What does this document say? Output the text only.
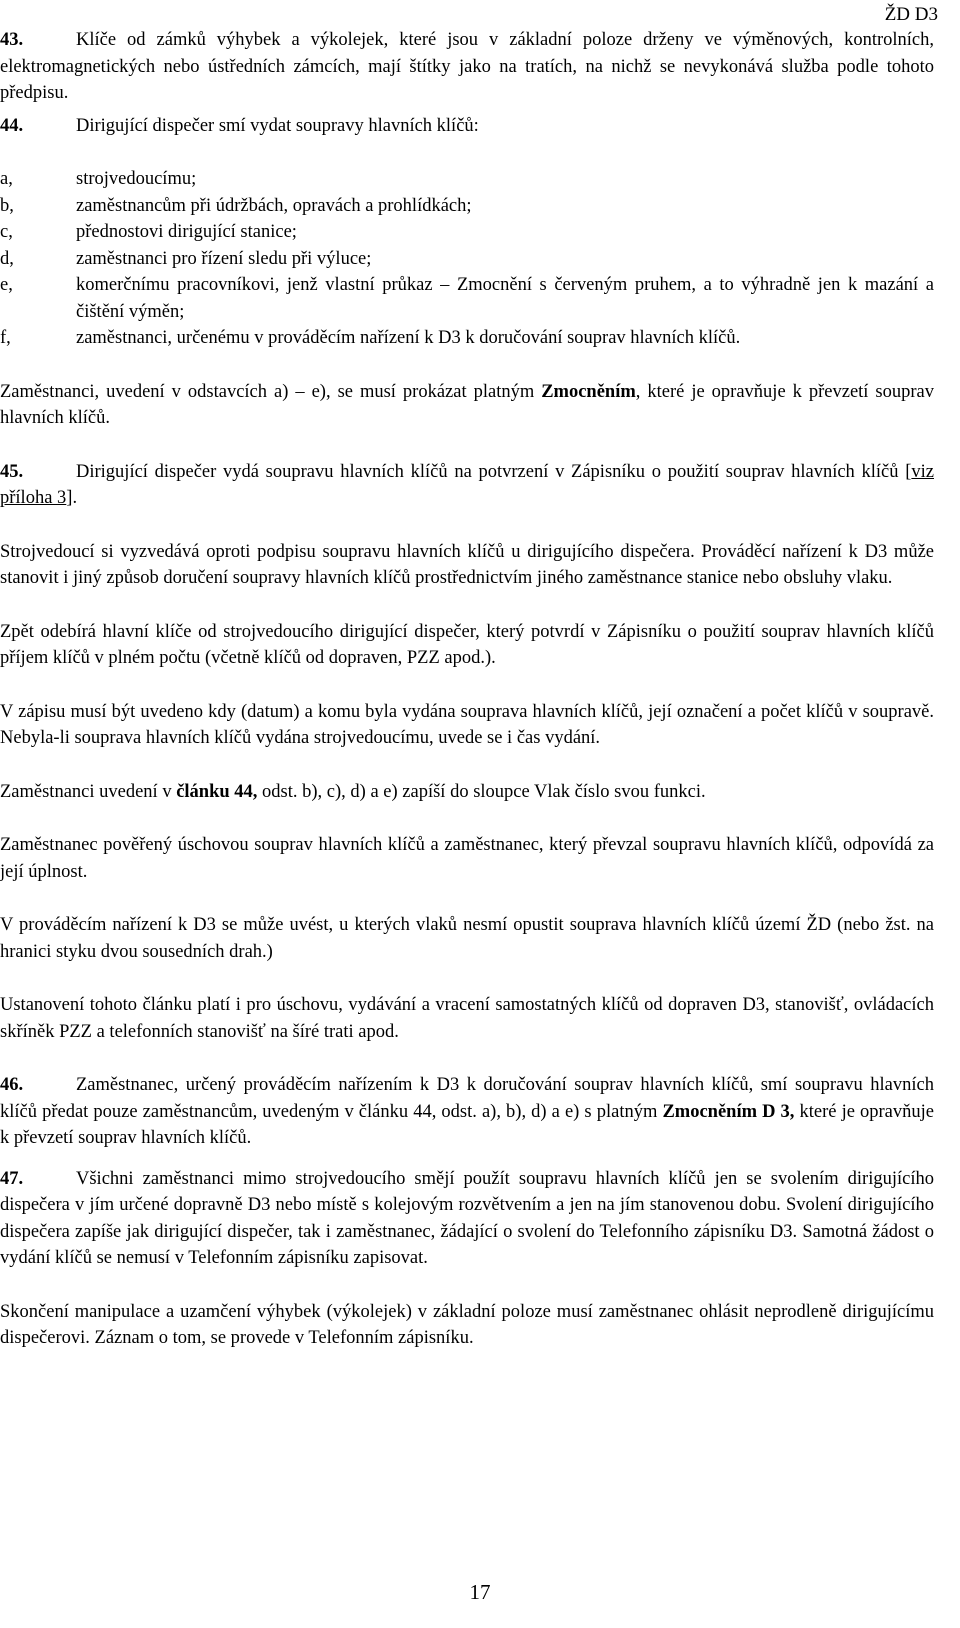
ŽD D3

43.	Klíče od zámků výhybek a výkolejek, které jsou v základní poloze drženy ve výměnových, kontrolních, elektromagnetických nebo ústředních zámcích, mají štítky jako na tratích, na nichž se nevykonává služba podle tohoto předpisu.

44.	Dirigující dispečer smí vydat soupravy hlavních klíčů:

a,	strojvedoucímu;

b,	zaměstnancům při údržbách, opravách a prohlídkách;

c,	přednostovi dirigující stanice;

d,	zaměstnanci pro řízení sledu při výluce;

e,	komerčnímu pracovníkovi, jenž vlastní průkaz – Zmocnění s červeným pruhem, a to výhradně jen k mazání a čištění výměn;

f,	zaměstnanci, určenému v prováděcím nařízení k D3 k doručování souprav hlavních klíčů.

Zaměstnanci, uvedení v odstavcích a) – e), se musí prokázat platným Zmocněním, které je opravňuje k převzetí souprav hlavních klíčů.

45.	Dirigující dispečer vydá soupravu hlavních klíčů na potvrzení v Zápisníku o použití souprav hlavních klíčů [viz příloha 3].

Strojvedoucí si vyzvedává oproti podpisu soupravu hlavních klíčů u dirigujícího dispečera. Prováděcí nařízení k D3 může stanovit i jiný způsob doručení soupravy hlavních klíčů prostřednictvím jiného zaměstnance stanice nebo obsluhy vlaku.

Zpět odebírá hlavní klíče od strojvedoucího dirigující dispečer, který potvrdí v Zápisníku o použití souprav hlavních klíčů příjem klíčů v plném počtu (včetně klíčů od dopraven, PZZ apod.).

V zápisu musí být uvedeno kdy (datum) a komu byla vydána souprava hlavních klíčů, její označení a počet klíčů v soupravě. Nebyla-li souprava hlavních klíčů vydána strojvedoucímu, uvede se i čas vydání.

Zaměstnanci uvedení v článku 44, odst. b), c), d) a e) zapíší do sloupce Vlak číslo svou funkci.

Zaměstnanec pověřený úschovou souprav hlavních klíčů a zaměstnanec, který převzal soupravu hlavních klíčů, odpovídá za její úplnost.

V prováděcím nařízení k D3 se může uvést, u kterých vlaků nesmí opustit souprava hlavních klíčů území ŽD (nebo žst. na hranici styku dvou sousedních drah.)

Ustanovení tohoto článku platí i pro úschovu, vydávání a vracení samostatných klíčů od dopraven D3, stanovišť, ovládacích skříněk PZZ a telefonních stanovišť na šíré trati apod.

46.	Zaměstnanec, určený prováděcím nařízením k D3 k doručování souprav hlavních klíčů, smí soupravu hlavních klíčů předat pouze zaměstnancům, uvedeným v článku 44, odst. a), b), d) a e) s platným Zmocněním D 3, které je opravňuje k převzetí souprav hlavních klíčů.

47.	Všichni zaměstnanci mimo strojvedoucího smějí použít soupravu hlavních klíčů jen se svolením dirigujícího dispečera v jím určené dopravně D3 nebo místě s kolejovým rozvětvením a jen na jím stanovenou dobu. Svolení dirigujícího dispečera zapíše jak dirigující dispečer, tak i zaměstnanec, žádající o svolení do Telefonního zápisníku D3. Samotná žádost o vydání klíčů se nemusí v Telefonním zápisníku zapisovat.

Skončení manipulace a uzamčení výhybek (výkolejek) v základní poloze musí zaměstnanec ohlásit neprodleně dirigujícímu dispečerovi. Záznam o tom, se provede v Telefonním zápisníku.

17
